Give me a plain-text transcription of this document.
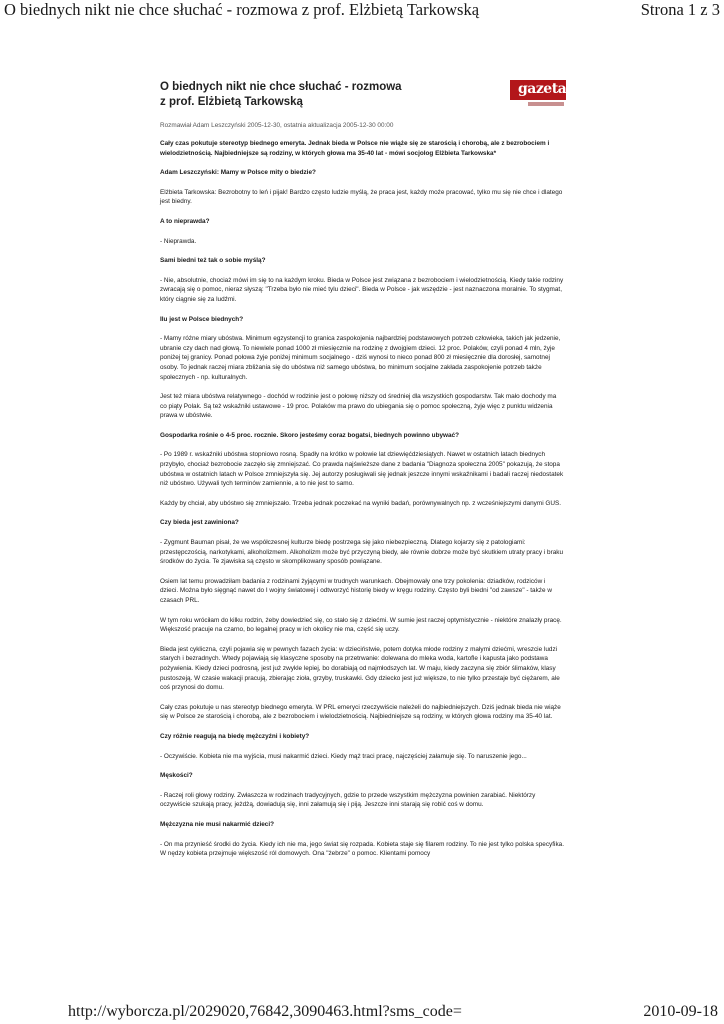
O biednych nikt nie chce słuchać - rozmowa z prof. Elżbietą Tarkowską	Strona 1 z 3
O biednych nikt nie chce słuchać - rozmowa
z prof. Elżbietą Tarkowską
gazeta
Rozmawiał Adam Leszczyński 2005-12-30, ostatnia aktualizacja 2005-12-30 00:00

Cały czas pokutuje stereotyp biednego emeryta. Jednak bieda w Polsce nie wiąże się ze starością i chorobą, ale z bezrobociem i wielodzietnością. Najbiedniejsze są rodziny, w których głowa ma 35-40 lat - mówi socjolog Elżbieta Tarkowska*

Adam Leszczyński: Mamy w Polsce mity o biedzie?

Elżbieta Tarkowska: Bezrobotny to leń i pijak! Bardzo często ludzie myślą, że praca jest, każdy może pracować, tylko mu się nie chce i dlatego jest biedny.

A to nieprawda?

- Nieprawda.

Sami biedni też tak o sobie myślą?

- Nie, absolutnie, chociaż mówi im się to na każdym kroku. Bieda w Polsce jest związana z bezrobociem i wielodzietnością. Kiedy takie rodziny zwracają się o pomoc, nieraz słyszą: "Trzeba było nie mieć tylu dzieci". Bieda w Polsce - jak wszędzie - jest naznaczona moralnie. To stygmat, który ciągnie się za ludźmi.

Ilu jest w Polsce biednych?

- Mamy różne miary ubóstwa. Minimum egzystencji to granica zaspokojenia najbardziej podstawowych potrzeb człowieka, takich jak jedzenie, ubranie czy dach nad głową. To niewiele ponad 1000 zł miesięcznie na rodzinę z dwojgiem dzieci. 12 proc. Polaków, czyli ponad 4 mln, żyje poniżej tej granicy. Ponad połowa żyje poniżej minimum socjalnego - dziś wynosi to nieco ponad 800 zł miesięcznie dla dorosłej, samotnej osoby. To jednak raczej miara zbliżania się do ubóstwa niż samego ubóstwa, bo minimum socjalne zakłada zaspokojenie potrzeb także społecznych - np. kulturalnych.

Jest też miara ubóstwa relatywnego - dochód w rodzinie jest o połowę niższy od średniej dla wszystkich gospodarstw. Tak mało dochody ma co piąty Polak. Są też wskaźniki ustawowe - 19 proc. Polaków ma prawo do ubiegania się o pomoc społeczną, żyje więc z punktu widzenia prawa w ubóstwie.

Gospodarka rośnie o 4-5 proc. rocznie. Skoro jesteśmy coraz bogatsi, biednych powinno ubywać?

- Po 1989 r. wskaźniki ubóstwa stopniowo rosną. Spadły na krótko w połowie lat dziewięćdziesiątych. Nawet w ostatnich latach biednych przybyło, chociaż bezrobocie zaczęło się zmniejszać. Co prawda najświeższe dane z badania "Diagnoza społeczna 2005" pokazują, że stopa ubóstwa w ostatnich latach w Polsce zmniejszyła się. Jej autorzy posługiwali się jednak jeszcze innymi wskaźnikami i badali raczej niedostatek niż ubóstwo. Używali tych terminów zamiennie, a to nie jest to samo.

Każdy by chciał, aby ubóstwo się zmniejszało. Trzeba jednak poczekać na wyniki badań, porównywalnych np. z wcześniejszymi danymi GUS.

Czy bieda jest zawiniona?

- Zygmunt Bauman pisał, że we współczesnej kulturze biedę postrzega się jako niebezpieczną. Dlatego kojarzy się z patologiami: przestępczością, narkotykami, alkoholizmem. Alkoholizm może być przyczyną biedy, ale równie dobrze może być skutkiem utraty pracy i braku środków do życia. Te zjawiska są często w skomplikowany sposób powiązane.

Osiem lat temu prowadziłam badania z rodzinami żyjącymi w trudnych warunkach. Obejmowały one trzy pokolenia: dziadków, rodziców i dzieci. Można było sięgnąć nawet do I wojny światowej i odtworzyć historię biedy w kręgu rodziny. Często byli biedni "od zawsze" - także w czasach PRL.

W tym roku wróciłam do kilku rodzin, żeby dowiedzieć się, co stało się z dziećmi. W sumie jest raczej optymistycznie - niektóre znalazły pracę. Większość pracuje na czarno, bo legalnej pracy w ich okolicy nie ma, część się uczy.

Bieda jest cykliczna, czyli pojawia się w pewnych fazach życia: w dzieciństwie, potem dotyka młode rodziny z małymi dziećmi, wreszcie ludzi starych i bezradnych. Wtedy pojawiają się klasyczne sposoby na przetrwanie: dolewana do mleka woda, kartofle i kapusta jako podstawa pożywienia. Kiedy dzieci podrosną, jest już zwykle lepiej, bo dorabiają od najmłodszych lat. W maju, kiedy zaczyna się zbiór ślimaków, klasy pustoszeją. W czasie wakacji pracują, zbierając zioła, grzyby, truskawki. Gdy dziecko jest już większe, to nie tylko przestaje być ciężarem, ale coś przynosi do domu.

Cały czas pokutuje u nas stereotyp biednego emeryta. W PRL emeryci rzeczywiście należeli do najbiedniejszych. Dziś jednak bieda nie wiąże się w Polsce ze starością i chorobą, ale z bezrobociem i wielodzietnością. Najbiedniejsze są rodziny, w których głowa rodziny ma 35-40 lat.

Czy różnie reagują na biedę mężczyźni i kobiety?

- Oczywiście. Kobieta nie ma wyjścia, musi nakarmić dzieci. Kiedy mąż traci pracę, najczęściej załamuje się. To naruszenie jego...

Męskości?

- Raczej roli głowy rodziny. Zwłaszcza w rodzinach tradycyjnych, gdzie to przede wszystkim mężczyzna powinien zarabiać. Niektórzy oczywiście szukają pracy, jeżdżą, dowiadują się, inni załamują się i piją. Jeszcze inni starają się robić coś w domu.

Mężczyzna nie musi nakarmić dzieci?

- On ma przynieść środki do życia. Kiedy ich nie ma, jego świat się rozpada. Kobieta staje się filarem rodziny. To nie jest tylko polska specyfika. W nędzy kobieta przejmuje większość ról domowych. Ona "żebrze" o pomoc. Klientami pomocy

http://wyborcza.pl/2029020,76842,3090463.html?sms_code=	2010-09-18
